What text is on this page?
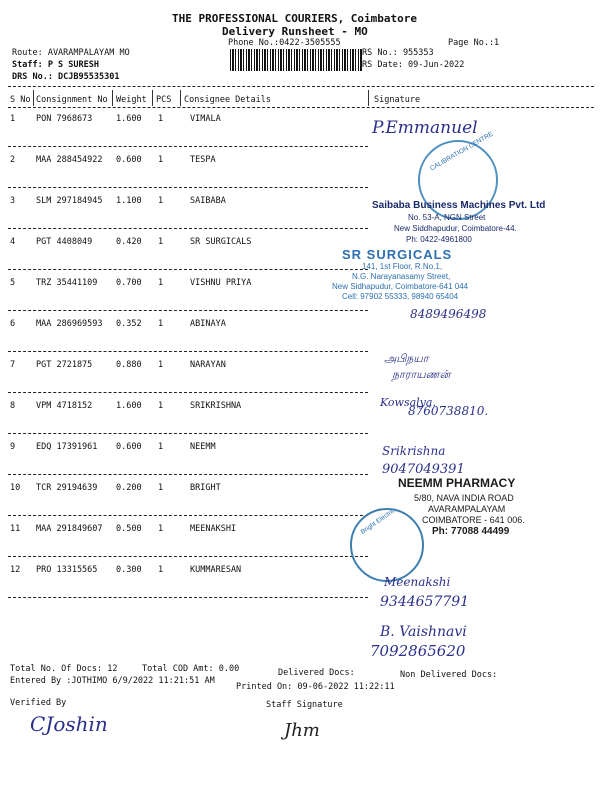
THE PROFESSIONAL COURIERS, Coimbatore
Delivery Runsheet - MO
Phone No.:0422-3505555	Page No.:1
Route: AVARAMPALAYAM MO
Staff: P S SURESH
DRS No.: DCJB95535301
RS No.: 955353
RS Date: 09-Jun-2022
S No Consignment No Weight PCS Consignee Details	Signature
1 PON 7968673	1.600 1	VIMALA
2 MAA 288454922 0.600 1	TESPA
3 SLM 297184945 1.100 1	SAIBABA
4 PGT 4408049	0.420 1	SR SURGICALS
5 TRZ 35441109 0.700 1	VISHNU PRIYA
6 MAA 286969593 0.352 1	ABINAYA
7 PGT 2721875	0.880 1	NARAYAN
8 VPM 4718152	1.600 1	SRIKRISHNA
9 EDQ 17391961 0.600 1	NEEMM
10 TCR 29194639 0.200 1	BRIGHT
11 MAA 291849607 0.500 1	MEENAKSHI
12 PRO 13315565 0.300 1	KUMMARESAN
CALIBRATION CENTRE
Saibaba Business Machines Pvt. Ltd
No. 53-A, NGN Street
New Siddhapudur, Coimbatore-44.
Ph: 0422-4961800
SR SURGICALS
141, 1st Floor, R.No.1,
N.G. Narayanasamy Street,
New Sidhapudur, Coimbatore-641 044
Cell: 97902 55333, 98940 65404
NEEMM PHARMACY
5/80, NAVA INDIA ROAD
AVARAMPALAYAM
COIMBATORE - 641 006.
Ph: 77088 44499
Bright Electric
P.Emmanuel
8489496498
அபிநயா
நாராயணன்
Kowsalya.
8760738810.
Srikrishna
9047049391
Meenakshi
9344657791
B. Vaishnavi
7092865620
Total No. Of Docs: 12	Total COD Amt: 0.00	Delivered Docs:	Non Delivered Docs:
Entered By :JOTHIMO 6/9/2022 11:21:51 AM
Printed On: 09-06-2022 11:22:11
Verified By	Staff Signature
CJoshin	Jhm
